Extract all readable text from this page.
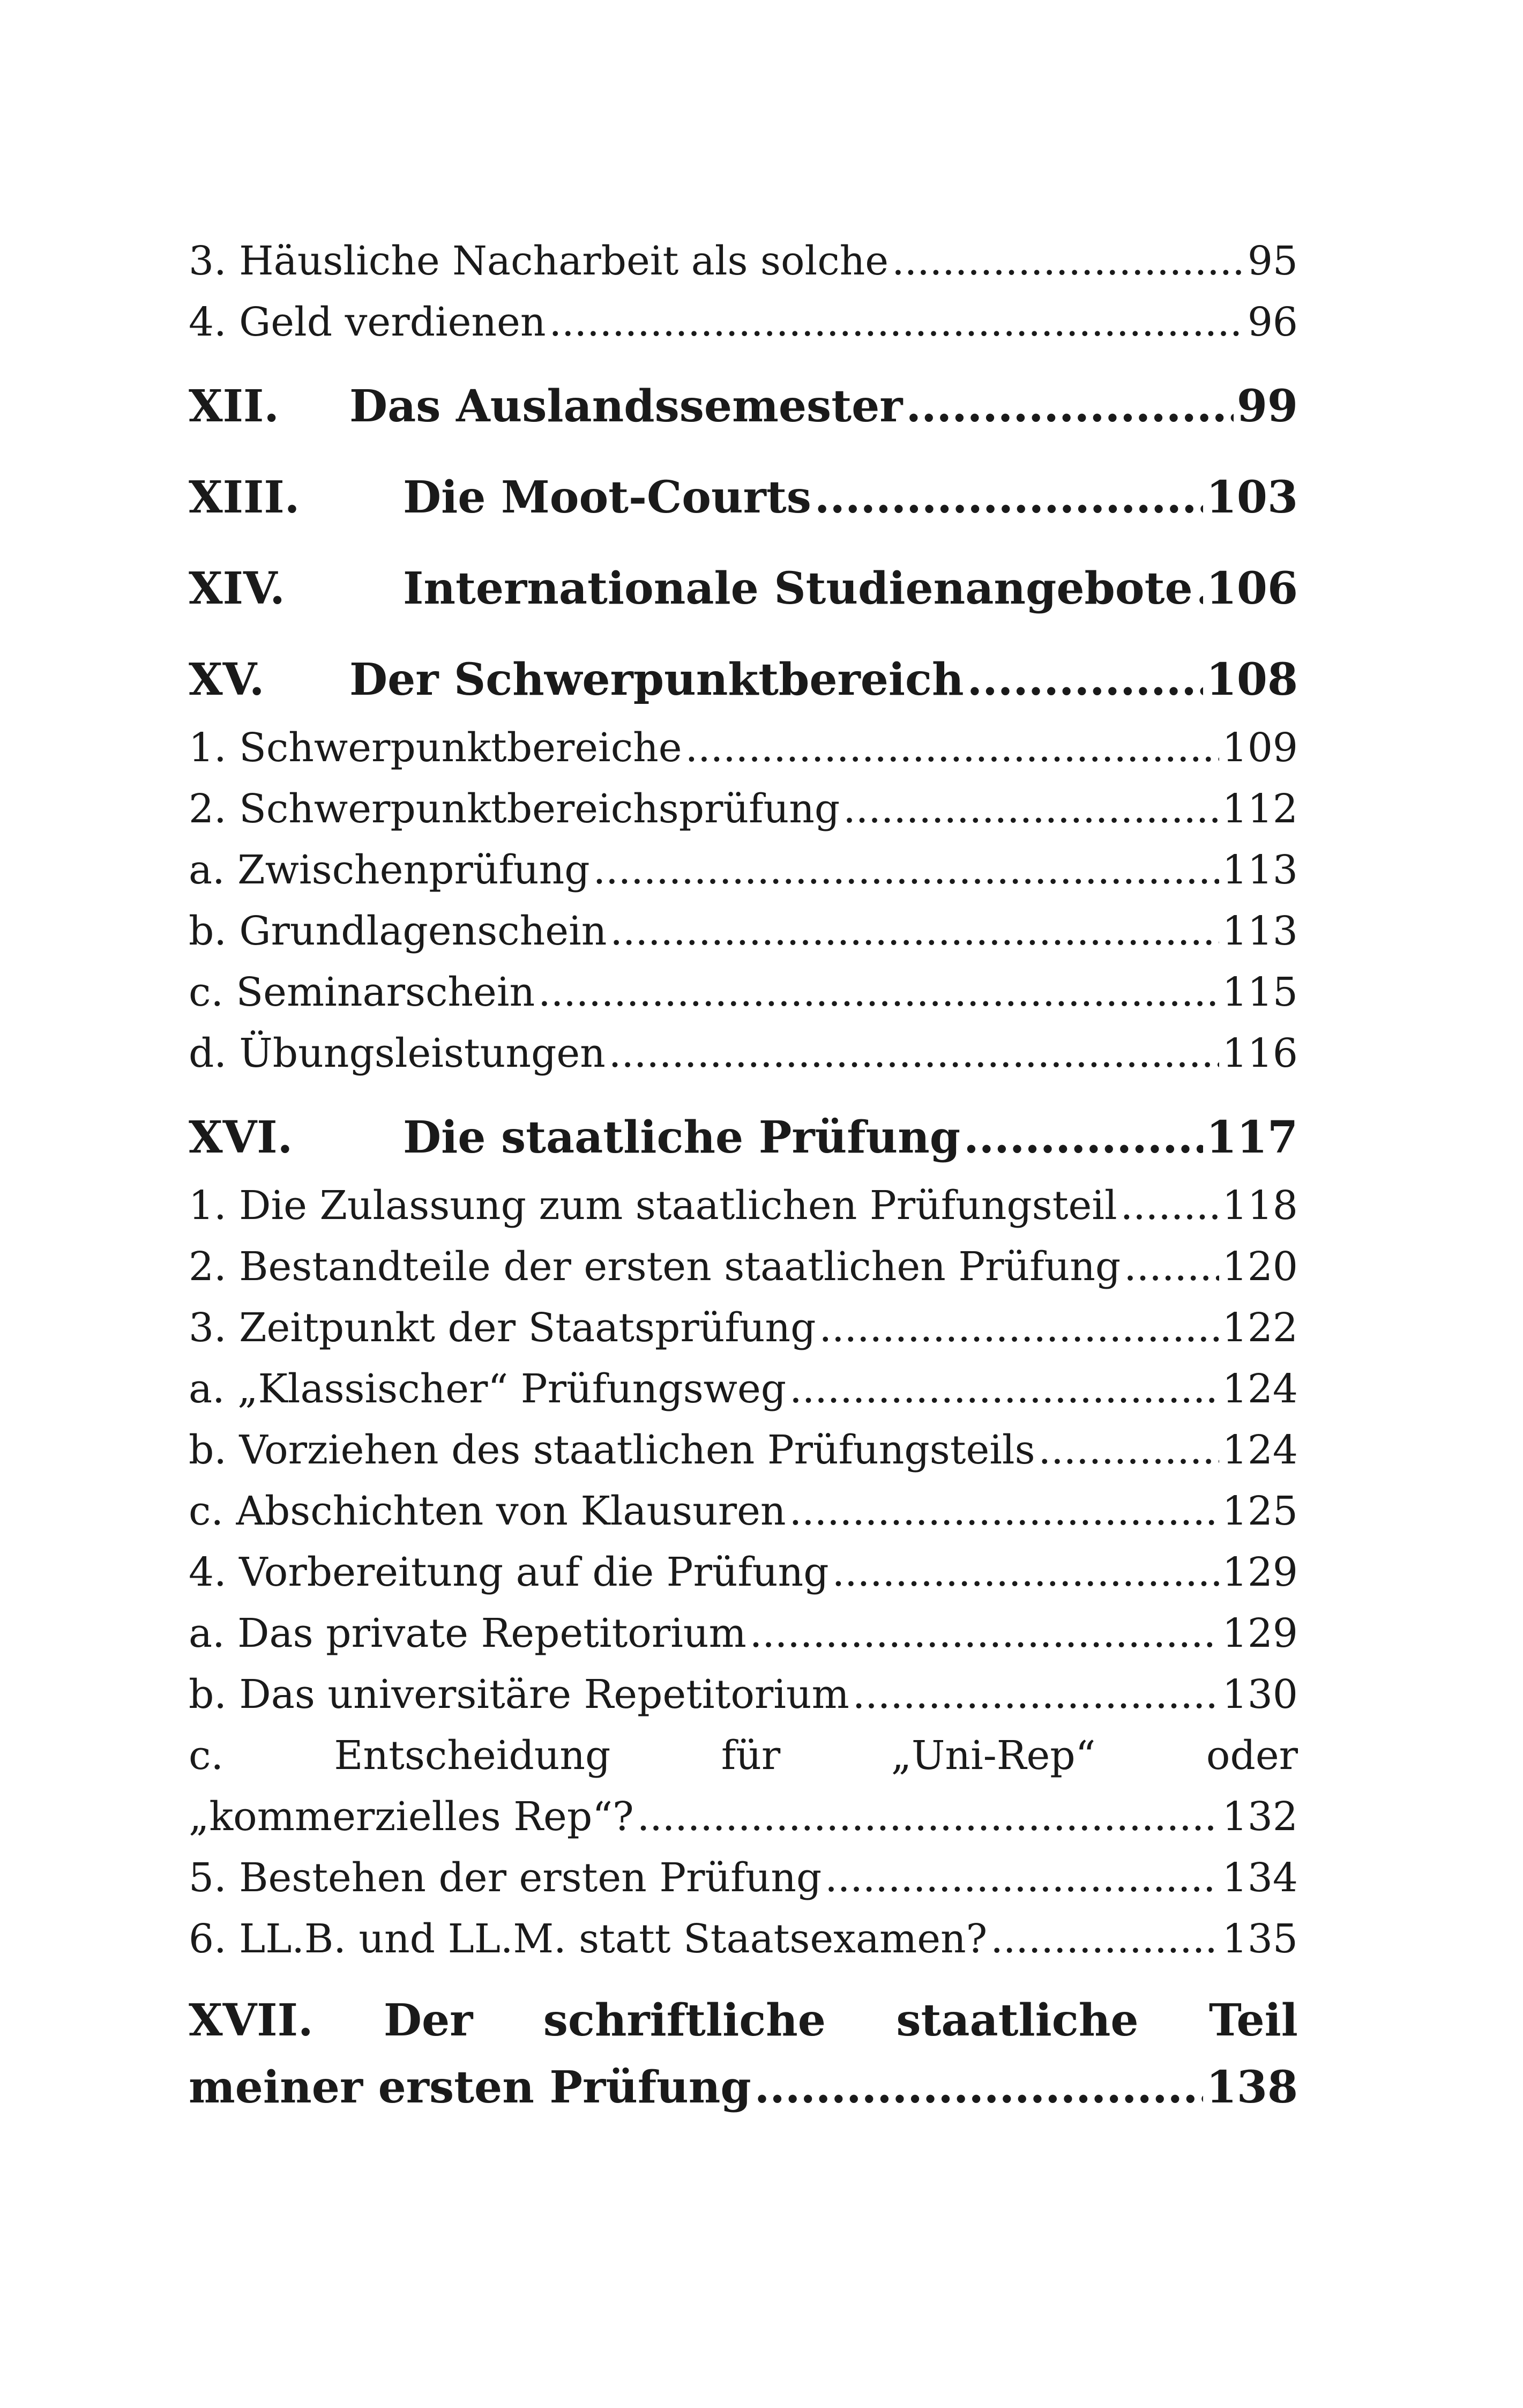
3. Häusliche Nacharbeit als solche .....	95
4. Geld verdienen .....	96
XII.	Das Auslandssemester .....	99
XIII.	Die Moot-Courts .....	103
XIV.	Internationale Studienangebote ..... 106
XV.	Der Schwerpunktbereich .....	108
1. Schwerpunktbereiche .....	109
2. Schwerpunktbereichsprüfung .....	112
a. Zwischenprüfung .....	113
b. Grundlagenschein .....	113
c. Seminarschein .....	115
d. Übungsleistungen .....	116
XVI.	Die staatliche Prüfung .....	117
1. Die Zulassung zum staatlichen Prüfungsteil .....	118
2. Bestandteile der ersten staatlichen Prüfung .....	120
3. Zeitpunkt der Staatsprüfung .....	122
a. „Klassischer“ Prüfungsweg .....	124
b. Vorziehen des staatlichen Prüfungsteils .....	124
c. Abschichten von Klausuren .....	125
4. Vorbereitung auf die Prüfung .....	129
a. Das private Repetitorium .....	129
b. Das universitäre Repetitorium .....	130
c.	Entscheidung	für	„Uni-Rep“	oder
„kommerzielles Rep“? .....	132
5. Bestehen der ersten Prüfung .....	134
6. LL.B. und LL.M. statt Staatsexamen? .....	135
XVII. Der schriftliche staatliche Teil
meiner ersten Prüfung .....	138
